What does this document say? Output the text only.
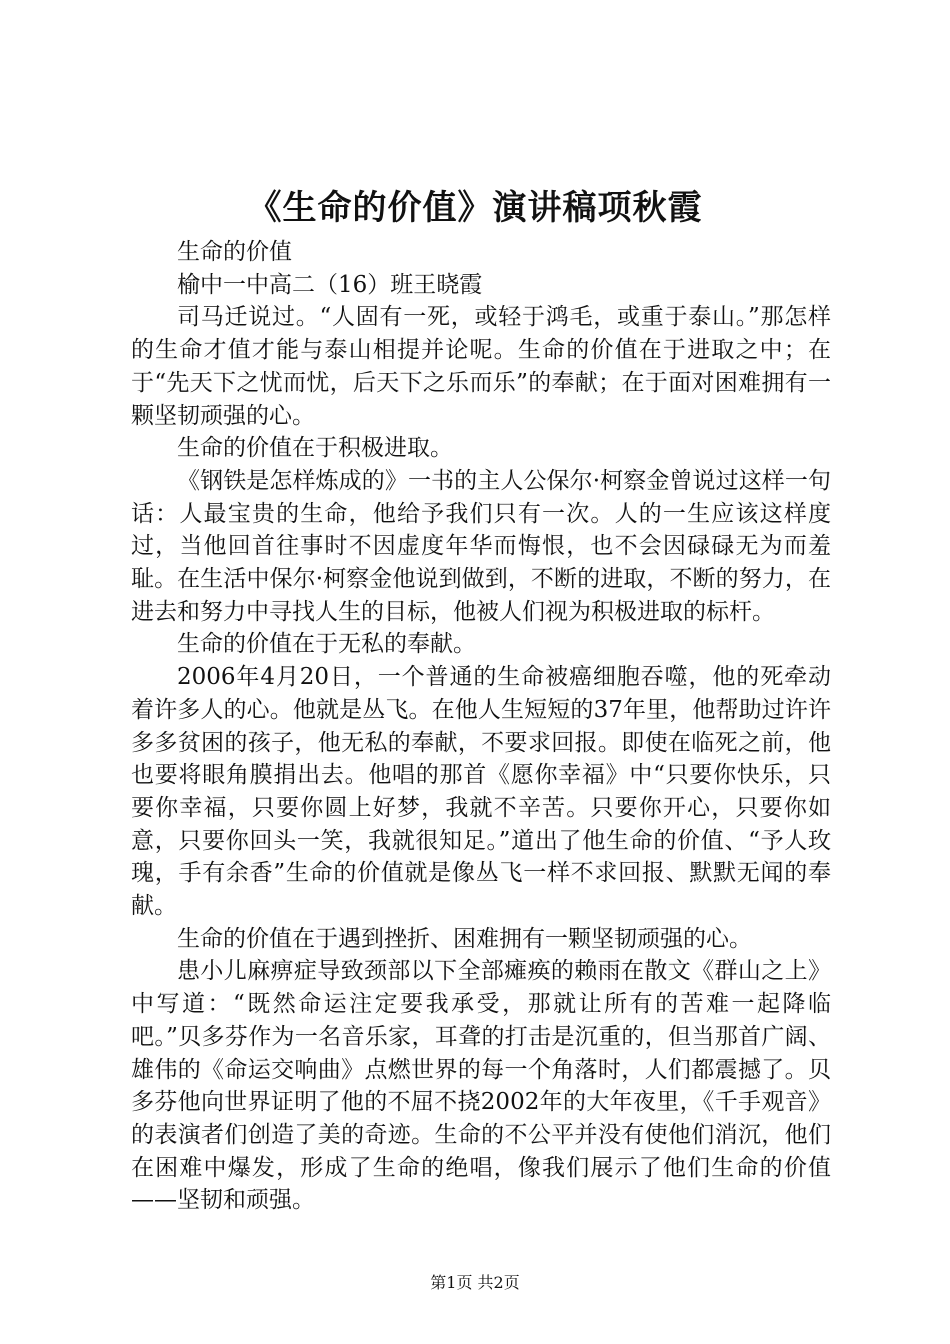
《生命的价值》演讲稿项秋霞

生命的价值

榆中一中高二（16）班王晓霞

司马迁说过。“人固有一死，或轻于鸿毛，或重于泰山。”那怎样的生命才值才能与泰山相提并论呢。生命的价值在于进取之中；在于“先天下之忧而忧，后天下之乐而乐”的奉献；在于面对困难拥有一颗坚韧顽强的心。

生命的价值在于积极进取。

《钢铁是怎样炼成的》一书的主人公保尔·柯察金曾说过这样一句话：人最宝贵的生命，他给予我们只有一次。人的一生应该这样度过，当他回首往事时不因虚度年华而悔恨，也不会因碌碌无为而羞耻。在生活中保尔·柯察金他说到做到，不断的进取，不断的努力，在进去和努力中寻找人生的目标，他被人们视为积极进取的标杆。

生命的价值在于无私的奉献。

2006年4月20日，一个普通的生命被癌细胞吞噬，他的死牵动着许多人的心。他就是丛飞。在他人生短短的37年里，他帮助过许许多多贫困的孩子，他无私的奉献，不要求回报。即使在临死之前，他也要将眼角膜捐出去。他唱的那首《愿你幸福》中“只要你快乐，只要你幸福，只要你圆上好梦，我就不辛苦。只要你开心，只要你如意，只要你回头一笑，我就很知足。”道出了他生命的价值、“予人玫瑰，手有余香”生命的价值就是像丛飞一样不求回报、默默无闻的奉献。

生命的价值在于遇到挫折、困难拥有一颗坚韧顽强的心。

患小儿麻痹症导致颈部以下全部瘫痪的赖雨在散文《群山之上》中写道：“既然命运注定要我承受，那就让所有的苦难一起降临吧。”贝多芬作为一名音乐家，耳聋的打击是沉重的，但当那首广阔、雄伟的《命运交响曲》点燃世界的每一个角落时，人们都震撼了。贝多芬他向世界证明了他的不屈不挠2002年的大年夜里，《千手观音》的表演者们创造了美的奇迹。生命的不公平并没有使他们消沉，他们在困难中爆发，形成了生命的绝唱，像我们展示了他们生命的价值——坚韧和顽强。

第1页 共2页
